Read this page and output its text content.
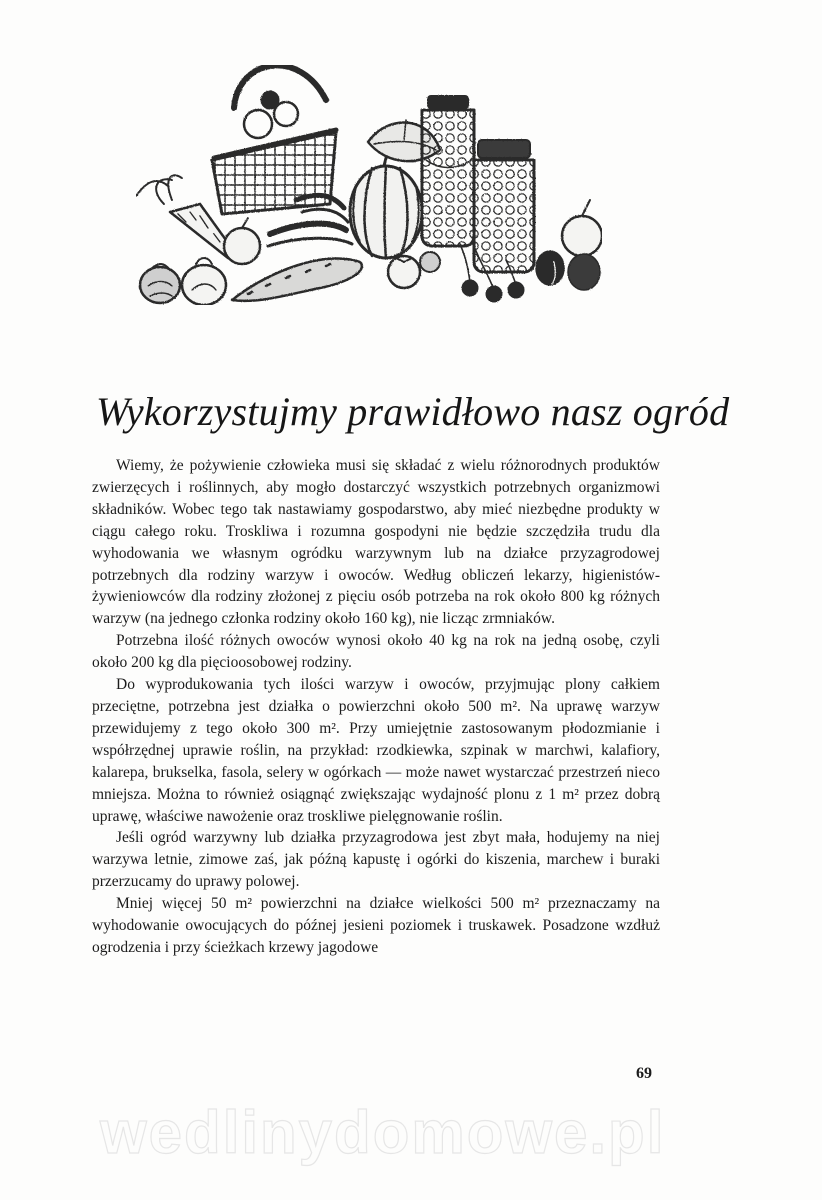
Wykorzystujmy prawidłowo nasz ogród

Wiemy, że pożywienie człowieka musi się składać z wielu różnorodnych produktów zwierzęcych i roślinnych, aby mogło dostarczyć wszystkich potrzebnych organizmowi składników. Wobec tego tak nastawiamy gospodarstwo, aby mieć niezbędne produkty w ciągu całego roku. Troskliwa i rozumna gospodyni nie będzie szczędziła trudu dla wyhodowania we własnym ogródku warzywnym lub na działce przyzagrodowej potrzebnych dla rodziny warzyw i owoców. Według obliczeń lekarzy, higienistów-żywieniowców dla rodziny złożonej z pięciu osób potrzeba na rok około 800 kg różnych warzyw (na jednego członka rodziny około 160 kg), nie licząc zrmniaków.

Potrzebna ilość różnych owoców wynosi około 40 kg na rok na jedną osobę, czyli około 200 kg dla pięcioosobowej rodziny.

Do wyprodukowania tych ilości warzyw i owoców, przyjmując plony całkiem przeciętne, potrzebna jest działka o powierzchni około 500 m². Na uprawę warzyw przewidujemy z tego około 300 m². Przy umiejętnie zastosowanym płodozmianie i współrzędnej uprawie roślin, na przykład: rzodkiewka, szpinak w marchwi, kalafiory, kalarepa, brukselka, fasola, selery w ogórkach — może nawet wystarczać przestrzeń nieco mniejsza. Można to również osiągnąć zwiększając wydajność plonu z 1 m² przez dobrą uprawę, właściwe nawożenie oraz troskliwe pielęgnowanie roślin.

Jeśli ogród warzywny lub działka przyzagrodowa jest zbyt mała, hodujemy na niej warzywa letnie, zimowe zaś, jak późną kapustę i ogórki do kiszenia, marchew i buraki przerzucamy do uprawy polowej.

Mniej więcej 50 m² powierzchni na działce wielkości 500 m² przeznaczamy na wyhodowanie owocujących do późnej jesieni poziomek i truskawek. Posadzone wzdłuż ogrodzenia i przy ścieżkach krzewy jagodowe

69
wedlinydomowe.pl
